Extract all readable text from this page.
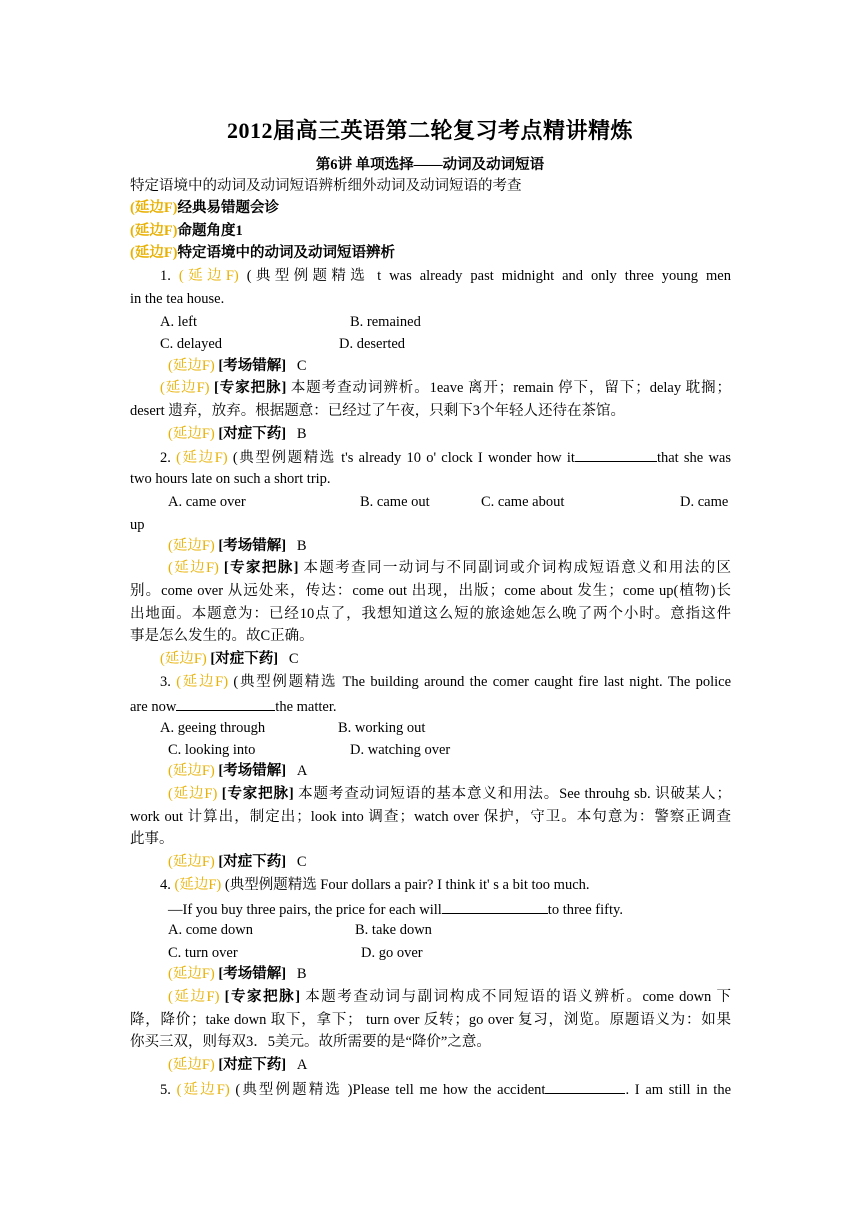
2012届高三英语第二轮复习考点精讲精炼
第6讲 单项选择——动词及动词短语
特定语境中的动词及动词短语辨析细外动词及动词短语的考查
(延边F)经典易错题会诊
(延边F)命题角度1
(延边F)特定语境中的动词及动词短语辨析
1. (延边F) (典型例题精选 t was already past midnight and only three young men
in the tea house.
A. left	B. remained
C. delayed	D. deserted
(延边F) [考场错解] C
(延边F) [专家把脉] 本题考查动词辨析。1eave 离开；remain 停下，留下；delay 耽搁；
desert 遗弃，放弃。根据题意：已经过了午夜，只剩下3个年轻人还待在茶馆。
(延边F) [对症下药] B
2. (延边F) (典型例题精选 t's already 10 o' clock I wonder how it	that she was
two hours late on such a short trip.
A. came over	B. came out	C. came about	D. came
up
(延边F) [考场错解] B
(延边F) [专家把脉] 本题考查同一动词与不同副词或介词构成短语意义和用法的区
别。come over 从远处来，传达：come out 出现，出版；come about 发生；come up(植物)长
出地面。本题意为：已经10点了，我想知道这么短的旅途她怎么晚了两个小时。意指这件
事是怎么发生的。故C正确。
(延边F) [对症下药] C
3. (延边F) (典型例题精选 The building around the comer caught fire last night. The police
are now	the matter.
A. geeing through	B. working out
C. looking into	D. watching over
(延边F) [考场错解] A
(延边F) [专家把脉] 本题考查动词短语的基本意义和用法。See throuhg sb. 识破某人；
work out 计算出，制定出；look into 调查；watch over 保护，守卫。本句意为：警察正调查
此事。
(延边F) [对症下药] C
4. (延边F) (典型例题精选 Four dollars a pair? I think it' s a bit too much.
—If you buy three pairs, the price for each will	to three fifty.
A. come down	B. take down
C. turn over	D. go over
(延边F) [考场错解] B
(延边F) [专家把脉] 本题考查动词与副词构成不同短语的语义辨析。come down 下
降，降价；take down 取下，拿下； turn over 反转；go over 复习，浏览。原题语义为：如果
你买三双，则每双3．5美元。故所需要的是“降价”之意。
(延边F) [对症下药] A
5. (延边F) (典型例题精选 )Please tell me how the accident	. I am still in the
